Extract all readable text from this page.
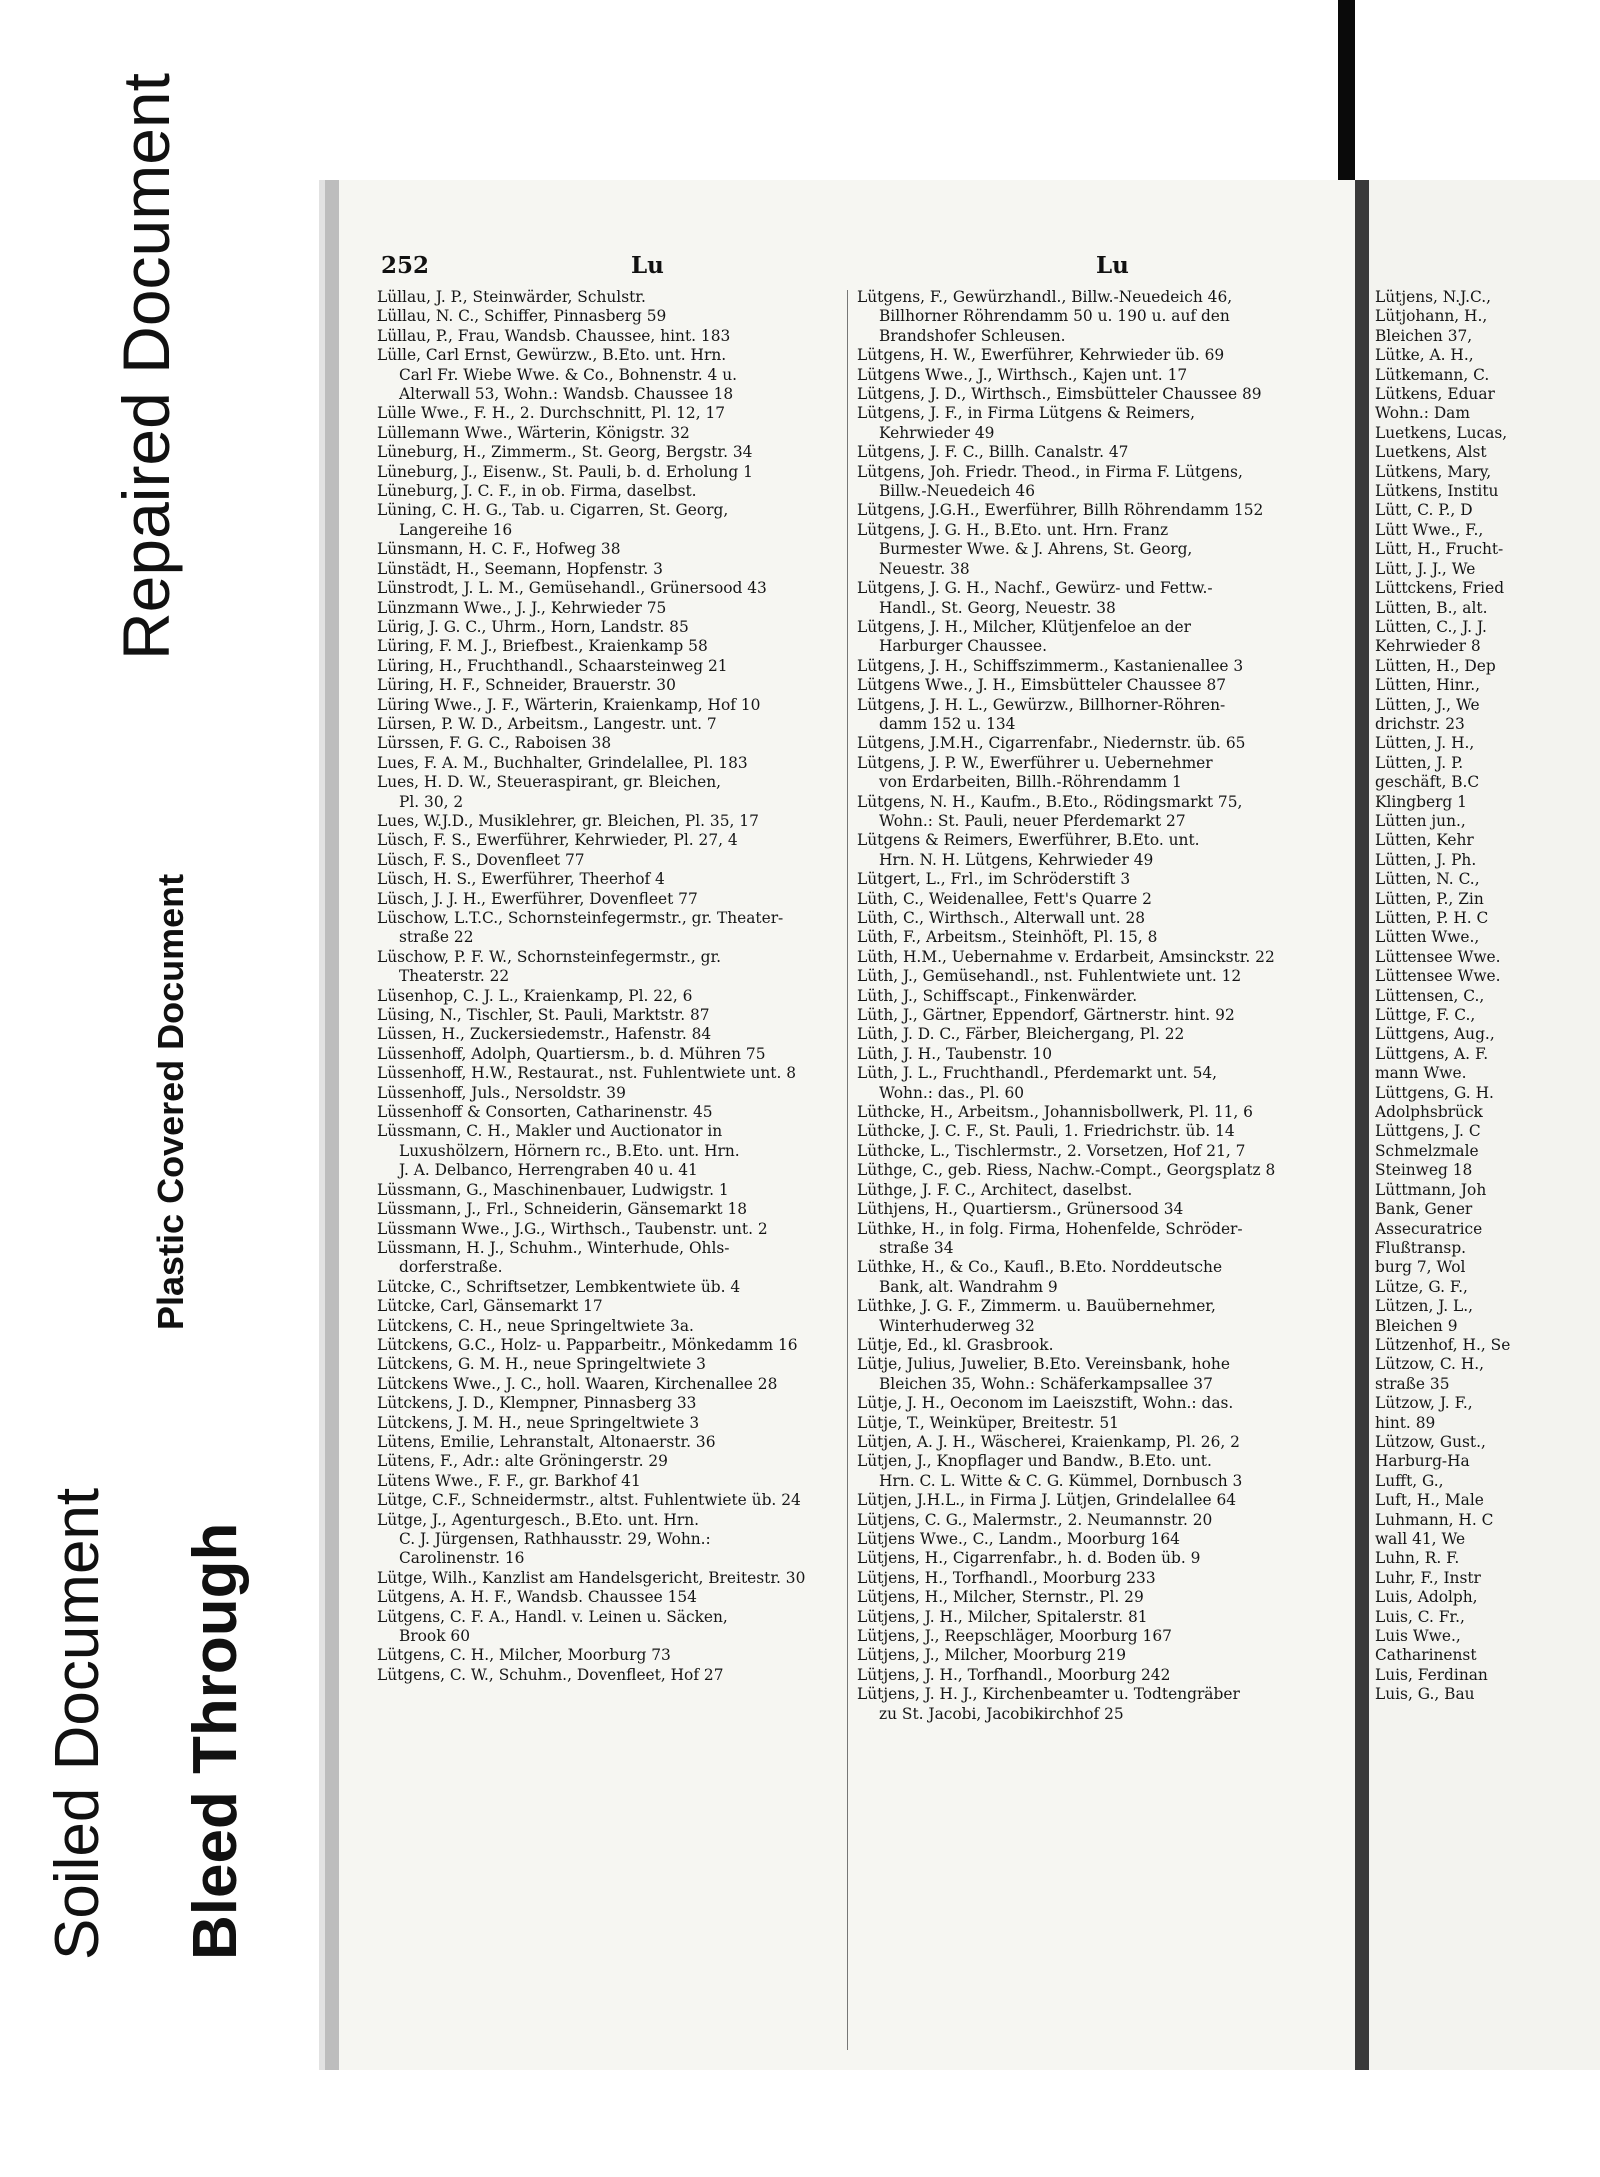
Repaired Document
Plastic Covered Document
Soiled Document Bleed Through
252	Lu	Lu
Lüllau, J. P., Steinwärder, Schulstr.
Lüllau, N. C., Schiffer, Pinnasberg 59
Lüllau, P., Frau, Wandsb. Chaussee, hint. 183
Lülle, Carl Ernst, Gewürzw., B.Eto. unt. Hrn.
Carl Fr. Wiebe Wwe. & Co., Bohnenstr. 4 u.
Alterwall 53, Wohn.: Wandsb. Chaussee 18
Lülle Wwe., F. H., 2. Durchschnitt, Pl. 12, 17
Lüllemann Wwe., Wärterin, Königstr. 32
Lüneburg, H., Zimmerm., St. Georg, Bergstr. 34
Lüneburg, J., Eisenw., St. Pauli, b. d. Erholung 1
Lüneburg, J. C. F., in ob. Firma, daselbst.
Lüning, C. H. G., Tab. u. Cigarren, St. Georg,
Langereihe 16
Lünsmann, H. C. F., Hofweg 38
Lünstädt, H., Seemann, Hopfenstr. 3
Lünstrodt, J. L. M., Gemüsehandl., Grünersood 43
Lünzmann Wwe., J. J., Kehrwieder 75
Lürig, J. G. C., Uhrm., Horn, Landstr. 85
Lüring, F. M. J., Briefbest., Kraienkamp 58
Lüring, H., Fruchthandl., Schaarsteinweg 21
Lüring, H. F., Schneider, Brauerstr. 30
Lüring Wwe., J. F., Wärterin, Kraienkamp, Hof 10
Lürsen, P. W. D., Arbeitsm., Langestr. unt. 7
Lürssen, F. G. C., Raboisen 38
Lues, F. A. M., Buchhalter, Grindelallee, Pl. 183
Lues, H. D. W., Steueraspirant, gr. Bleichen,
Pl. 30, 2
Lues, W.J.D., Musiklehrer, gr. Bleichen, Pl. 35, 17
Lüsch, F. S., Ewerführer, Kehrwieder, Pl. 27, 4
Lüsch, F. S., Dovenfleet 77
Lüsch, H. S., Ewerführer, Theerhof 4
Lüsch, J. J. H., Ewerführer, Dovenfleet 77
Lüschow, L.T.C., Schornsteinfegermstr., gr. Theater-
straße 22
Lüschow, P. F. W., Schornsteinfegermstr., gr.
Theaterstr. 22
Lüsenhop, C. J. L., Kraienkamp, Pl. 22, 6
Lüsing, N., Tischler, St. Pauli, Marktstr. 87
Lüssen, H., Zuckersiedemstr., Hafenstr. 84
Lüssenhoff, Adolph, Quartiersm., b. d. Mühren 75
Lüssenhoff, H.W., Restaurat., nst. Fuhlentwiete unt. 8
Lüssenhoff, Juls., Nersoldstr. 39
Lüssenhoff & Consorten, Catharinenstr. 45
Lüssmann, C. H., Makler und Auctionator in
Luxushölzern, Hörnern rc., B.Eto. unt. Hrn.
J. A. Delbanco, Herrengraben 40 u. 41
Lüssmann, G., Maschinenbauer, Ludwigstr. 1
Lüssmann, J., Frl., Schneiderin, Gänsemarkt 18
Lüssmann Wwe., J.G., Wirthsch., Taubenstr. unt. 2
Lüssmann, H. J., Schuhm., Winterhude, Ohls-
dorferstraße.
Lütcke, C., Schriftsetzer, Lembkentwiete üb. 4
Lütcke, Carl, Gänsemarkt 17
Lütckens, C. H., neue Springeltwiete 3a.
Lütckens, G.C., Holz- u. Papparbeitr., Mönkedamm 16
Lütckens, G. M. H., neue Springeltwiete 3
Lütckens Wwe., J. C., holl. Waaren, Kirchenallee 28
Lütckens, J. D., Klempner, Pinnasberg 33
Lütckens, J. M. H., neue Springeltwiete 3
Lütens, Emilie, Lehranstalt, Altonaerstr. 36
Lütens, F., Adr.: alte Gröningerstr. 29
Lütens Wwe., F. F., gr. Barkhof 41
Lütge, C.F., Schneidermstr., altst. Fuhlentwiete üb. 24
Lütge, J., Agenturgesch., B.Eto. unt. Hrn.
C. J. Jürgensen, Rathhausstr. 29, Wohn.:
Carolinenstr. 16
Lütge, Wilh., Kanzlist am Handelsgericht, Breitestr. 30
Lütgens, A. H. F., Wandsb. Chaussee 154
Lütgens, C. F. A., Handl. v. Leinen u. Säcken,
Brook 60
Lütgens, C. H., Milcher, Moorburg 73
Lütgens, C. W., Schuhm., Dovenfleet, Hof 27
Lütgens, F., Gewürzhandl., Billw.-Neuedeich 46,
Billhorner Röhrendamm 50 u. 190 u. auf den
Brandshofer Schleusen.
Lütgens, H. W., Ewerführer, Kehrwieder üb. 69
Lütgens Wwe., J., Wirthsch., Kajen unt. 17
Lütgens, J. D., Wirthsch., Eimsbütteler Chaussee 89
Lütgens, J. F., in Firma Lütgens & Reimers,
Kehrwieder 49
Lütgens, J. F. C., Billh. Canalstr. 47
Lütgens, Joh. Friedr. Theod., in Firma F. Lütgens,
Billw.-Neuedeich 46
Lütgens, J.G.H., Ewerführer, Billh Röhrendamm 152
Lütgens, J. G. H., B.Eto. unt. Hrn. Franz
Burmester Wwe. & J. Ahrens, St. Georg,
Neuestr. 38
Lütgens, J. G. H., Nachf., Gewürz- und Fettw.-
Handl., St. Georg, Neuestr. 38
Lütgens, J. H., Milcher, Klütjenfeloe an der
Harburger Chaussee.
Lütgens, J. H., Schiffszimmerm., Kastanienallee 3
Lütgens Wwe., J. H., Eimsbütteler Chaussee 87
Lütgens, J. H. L., Gewürzw., Billhorner-Röhren-
damm 152 u. 134
Lütgens, J.M.H., Cigarrenfabr., Niedernstr. üb. 65
Lütgens, J. P. W., Ewerführer u. Uebernehmer
von Erdarbeiten, Billh.-Röhrendamm 1
Lütgens, N. H., Kaufm., B.Eto., Rödingsmarkt 75,
Wohn.: St. Pauli, neuer Pferdemarkt 27
Lütgens & Reimers, Ewerführer, B.Eto. unt.
Hrn. N. H. Lütgens, Kehrwieder 49
Lütgert, L., Frl., im Schröderstift 3
Lüth, C., Weidenallee, Fett's Quarre 2
Lüth, C., Wirthsch., Alterwall unt. 28
Lüth, F., Arbeitsm., Steinhöft, Pl. 15, 8
Lüth, H.M., Uebernahme v. Erdarbeit, Amsinckstr. 22
Lüth, J., Gemüsehandl., nst. Fuhlentwiete unt. 12
Lüth, J., Schiffscapt., Finkenwärder.
Lüth, J., Gärtner, Eppendorf, Gärtnerstr. hint. 92
Lüth, J. D. C., Färber, Bleichergang, Pl. 22
Lüth, J. H., Taubenstr. 10
Lüth, J. L., Fruchthandl., Pferdemarkt unt. 54,
Wohn.: das., Pl. 60
Lüthcke, H., Arbeitsm., Johannisbollwerk, Pl. 11, 6
Lüthcke, J. C. F., St. Pauli, 1. Friedrichstr. üb. 14
Lüthcke, L., Tischlermstr., 2. Vorsetzen, Hof 21, 7
Lüthge, C., geb. Riess, Nachw.-Compt., Georgsplatz 8
Lüthge, J. F. C., Architect, daselbst.
Lüthjens, H., Quartiersm., Grünersood 34
Lüthke, H., in folg. Firma, Hohenfelde, Schröder-
straße 34
Lüthke, H., & Co., Kaufl., B.Eto. Norddeutsche
Bank, alt. Wandrahm 9
Lüthke, J. G. F., Zimmerm. u. Bauübernehmer,
Winterhuderweg 32
Lütje, Ed., kl. Grasbrook.
Lütje, Julius, Juwelier, B.Eto. Vereinsbank, hohe
Bleichen 35, Wohn.: Schäferkampsallee 37
Lütje, J. H., Oeconom im Laeiszstift, Wohn.: das.
Lütje, T., Weinküper, Breitestr. 51
Lütjen, A. J. H., Wäscherei, Kraienkamp, Pl. 26, 2
Lütjen, J., Knopflager und Bandw., B.Eto. unt.
Hrn. C. L. Witte & C. G. Kümmel, Dornbusch 3
Lütjen, J.H.L., in Firma J. Lütjen, Grindelallee 64
Lütjens, C. G., Malermstr., 2. Neumannstr. 20
Lütjens Wwe., C., Landm., Moorburg 164
Lütjens, H., Cigarrenfabr., h. d. Boden üb. 9
Lütjens, H., Torfhandl., Moorburg 233
Lütjens, H., Milcher, Sternstr., Pl. 29
Lütjens, J. H., Milcher, Spitalerstr. 81
Lütjens, J., Reepschläger, Moorburg 167
Lütjens, J., Milcher, Moorburg 219
Lütjens, J. H., Torfhandl., Moorburg 242
Lütjens, J. H. J., Kirchenbeamter u. Todtengräber
zu St. Jacobi, Jacobikirchhof 25
Lütjens, N.J.C.,
Lütjohann, H.,
Bleichen 37,
Lütke, A. H.,
Lütkemann, C.
Lütkens, Eduar
Wohn.: Dam
Luetkens, Lucas,
Luetkens, Alst
Lütkens, Mary,
Lütkens, Institu
Lütt, C. P., D
Lütt Wwe., F.,
Lütt, H., Frucht-
Lütt, J. J., We
Lüttckens, Fried
Lütten, B., alt.
Lütten, C., J. J.
Kehrwieder 8
Lütten, H., Dep
Lütten, Hinr.,
Lütten, J., We
drichstr. 23
Lütten, J. H.,
Lütten, J. P.
geschäft, B.C
Klingberg 1
Lütten jun.,
Lütten, Kehr
Lütten, J. Ph.
Lütten, N. C.,
Lütten, P., Zin
Lütten, P. H. C
Lütten Wwe.,
Lüttensee Wwe.
Lüttensee Wwe.
Lüttensen, C.,
Lüttge, F. C.,
Lüttgens, Aug.,
Lüttgens, A. F.
mann Wwe.
Lüttgens, G. H.
Adolphsbrück
Lüttgens, J. C
Schmelzmale
Steinweg 18
Lüttmann, Joh
Bank, Gener
Assecuratrice
Flußtransp.
burg 7, Wol
Lütze, G. F.,
Lützen, J. L.,
Bleichen 9
Lützenhof, H., Se
Lützow, C. H.,
straße 35
Lützow, J. F.,
hint. 89
Lützow, Gust.,
Harburg-Ha
Lufft, G.,
Luft, H., Male
Luhmann, H. C
wall 41, We
Luhn, R. F.
Luhr, F., Instr
Luis, Adolph,
Luis, C. Fr.,
Luis Wwe.,
Catharinenst
Luis, Ferdinan
Luis, G., Bau
